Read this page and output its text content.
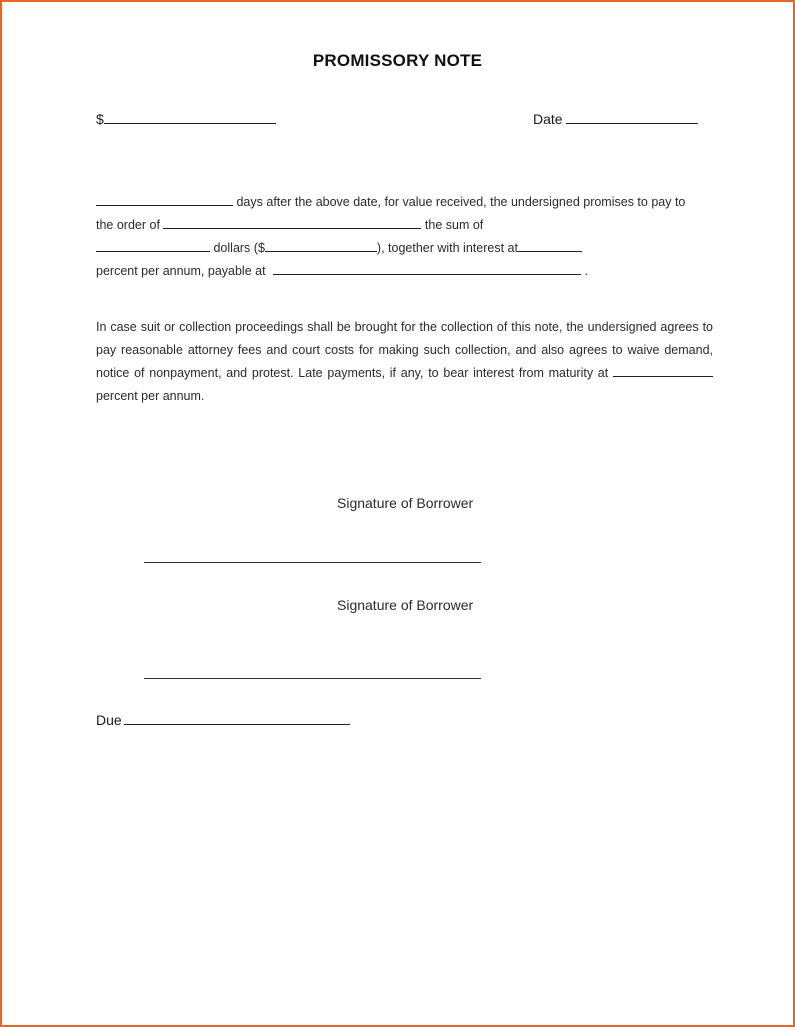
PROMISSORY NOTE
$	Date
days after the above date, for value received, the undersigned promises to pay to
the order of	the sum of
dollars ($	), together with interest at
percent per annum, payable at	.
In case suit or collection proceedings shall be brought for the collection of this note, the undersigned agrees to pay reasonable attorney fees and court costs for making such collection, and also agrees to waive demand, notice of nonpayment, and protest. Late payments, if any, to bear interest from maturity at  percent per annum.
Signature of Borrower
Signature of Borrower
Due
